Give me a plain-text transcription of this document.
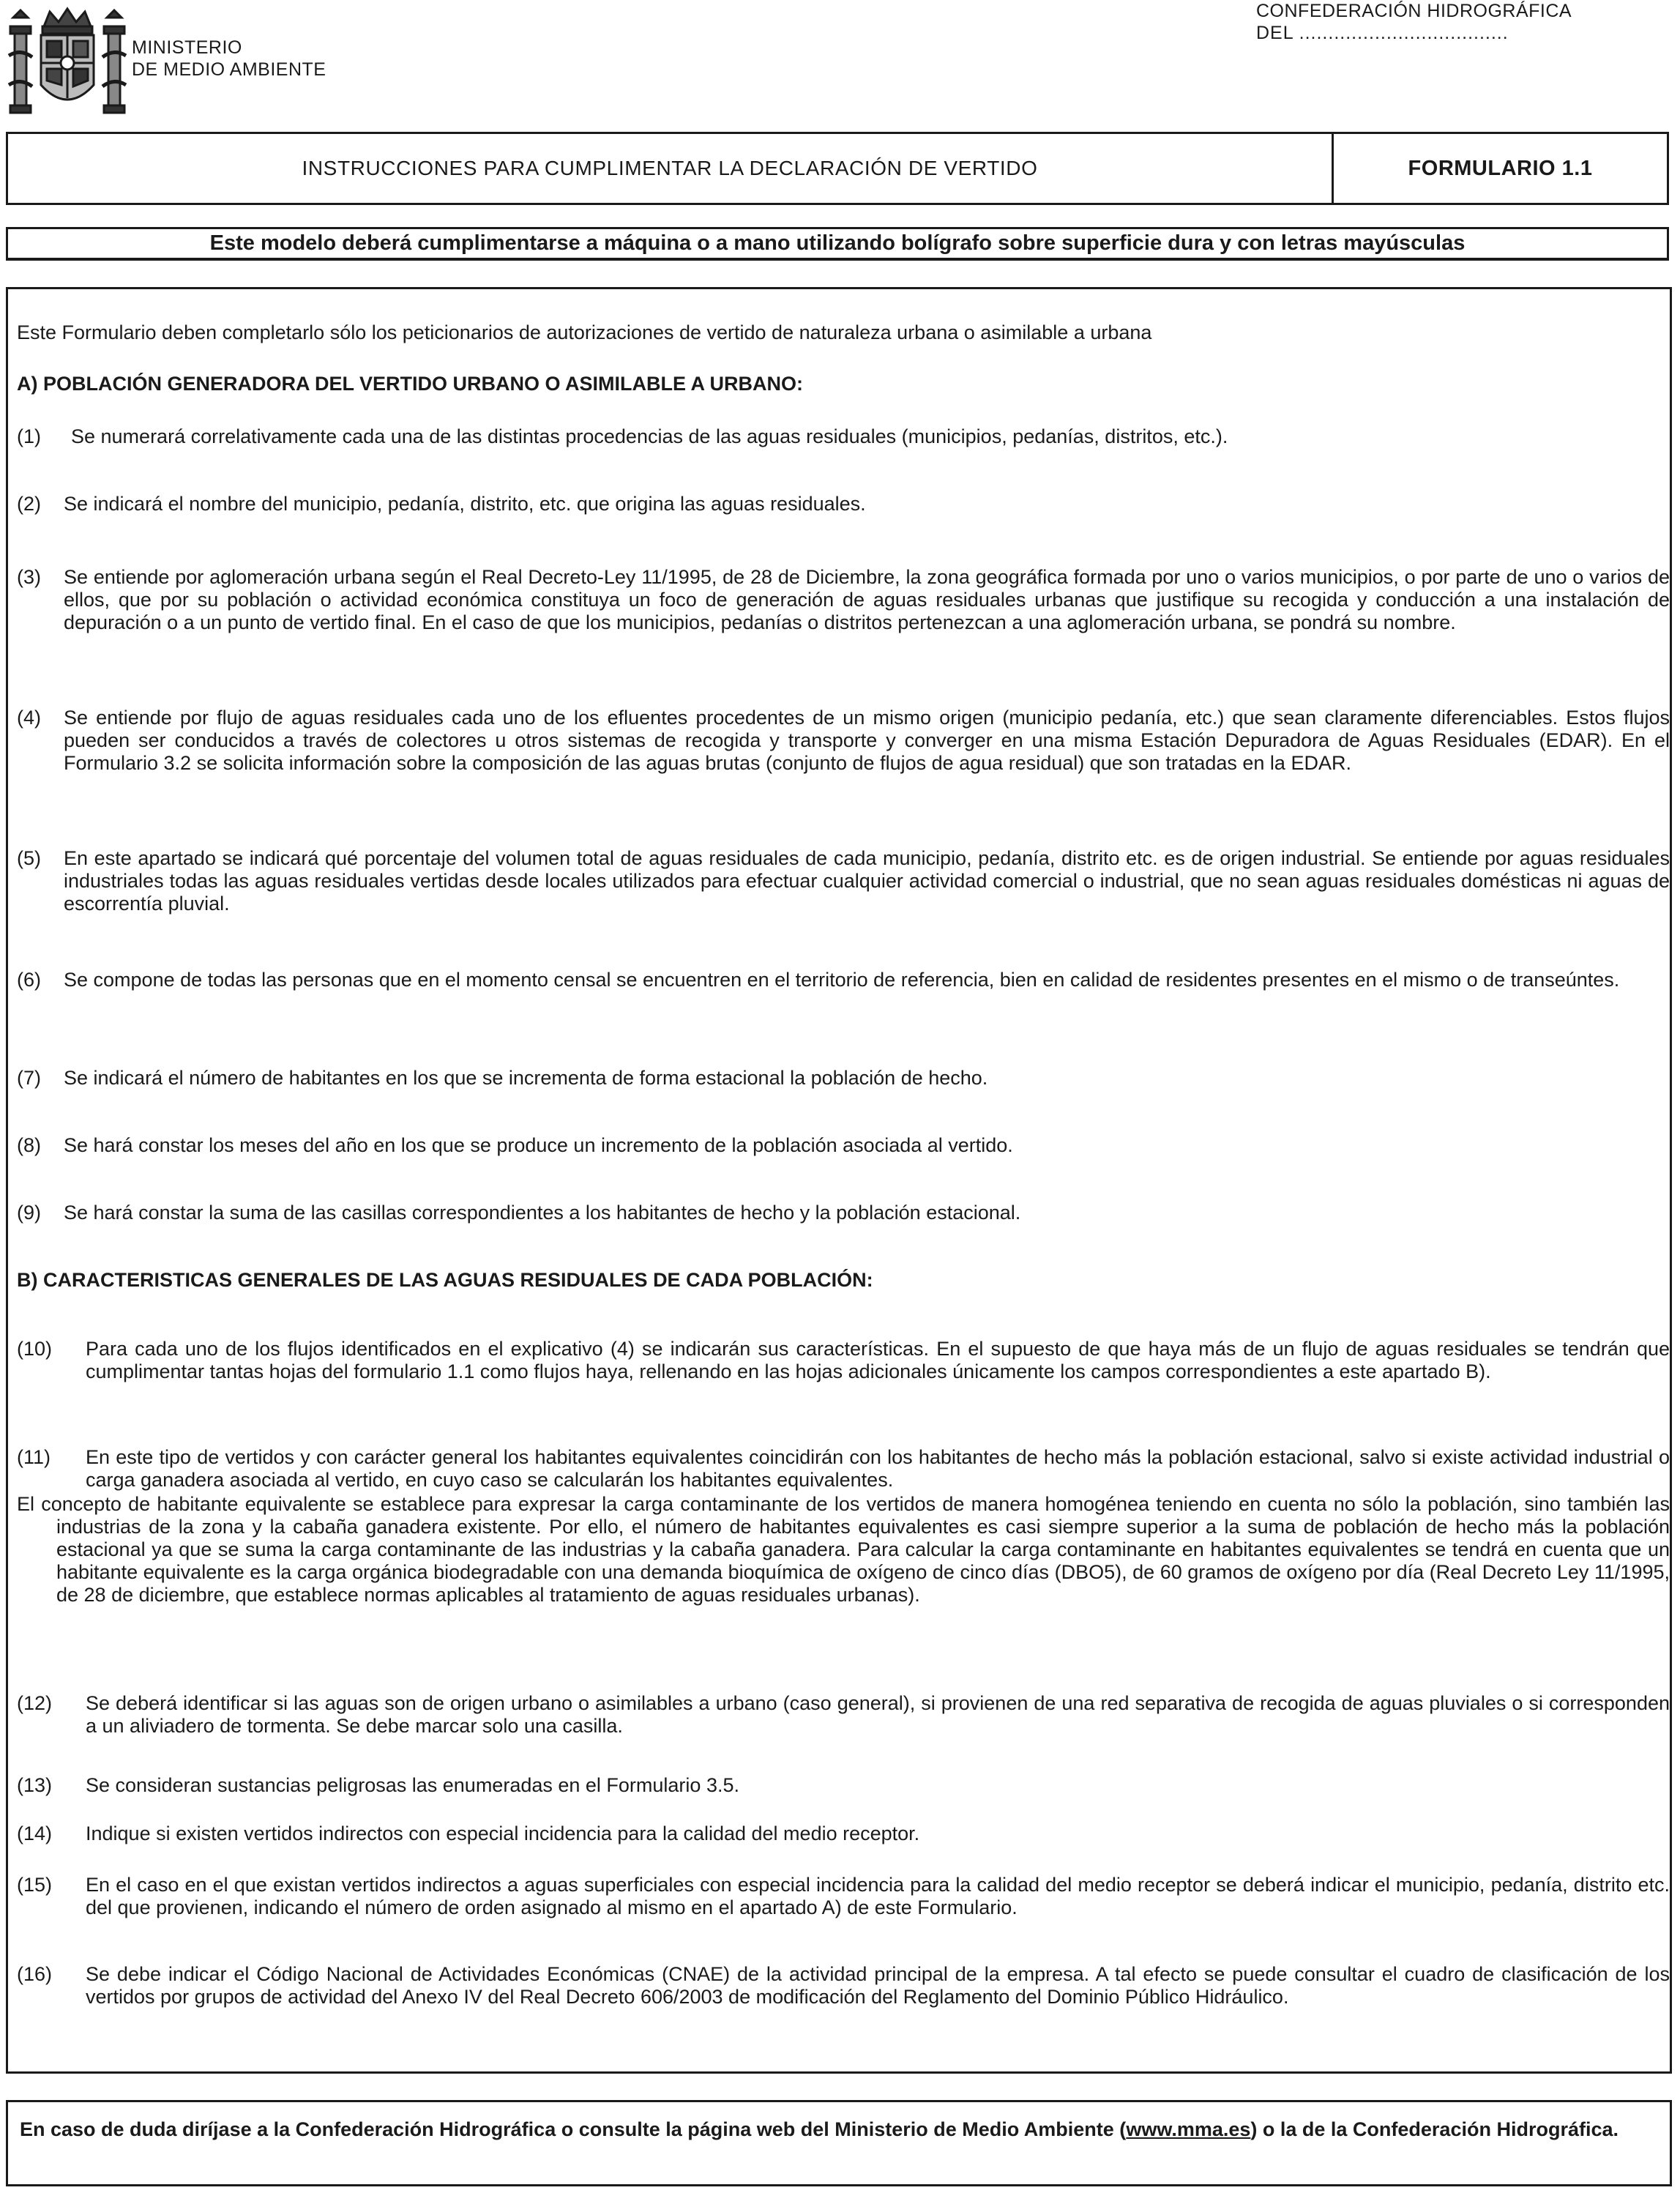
MINISTERIO
DE MEDIO AMBIENTE
CONFEDERACIÓN HIDROGRÁFICA
DEL ....................................
INSTRUCCIONES PARA CUMPLIMENTAR LA DECLARACIÓN DE VERTIDO	FORMULARIO 1.1
Este modelo deberá cumplimentarse a máquina o a mano utilizando bolígrafo sobre superficie dura y con letras mayúsculas
Este Formulario deben completarlo sólo los peticionarios de autorizaciones de vertido de naturaleza urbana o asimilable a urbana
A) POBLACIÓN GENERADORA DEL VERTIDO URBANO O ASIMILABLE A URBANO:
(1) Se numerará correlativamente cada una de las distintas procedencias de las aguas residuales (municipios, pedanías, distritos, etc.).
(2) Se indicará el nombre del municipio, pedanía, distrito, etc. que origina las aguas residuales.
(3) Se entiende por aglomeración urbana según el Real Decreto-Ley 11/1995, de 28 de Diciembre, la zona geográfica formada por uno o varios municipios, o por parte de uno o varios de ellos, que por su población o actividad económica constituya un foco de generación de aguas residuales urbanas que justifique su recogida y conducción a una instalación de depuración o a un punto de vertido final. En el caso de que los municipios, pedanías o distritos pertenezcan a una aglomeración urbana, se pondrá su nombre.
(4) Se entiende por flujo de aguas residuales cada uno de los efluentes procedentes de un mismo origen (municipio pedanía, etc.) que sean claramente diferenciables. Estos flujos pueden ser conducidos a través de colectores u otros sistemas de recogida y transporte y converger en una misma Estación Depuradora de Aguas Residuales (EDAR). En el Formulario 3.2 se solicita información sobre la composición de las aguas brutas (conjunto de flujos de agua residual) que son tratadas en la EDAR.
(5) En este apartado se indicará qué porcentaje del volumen total de aguas residuales de cada municipio, pedanía, distrito etc. es de origen industrial. Se entiende por aguas residuales industriales todas las aguas residuales vertidas desde locales utilizados para efectuar cualquier actividad comercial o industrial, que no sean aguas residuales domésticas ni aguas de escorrentía pluvial.
(6) Se compone de todas las personas que en el momento censal se encuentren en el territorio de referencia, bien en calidad de residentes presentes en el mismo o de transeúntes.
(7) Se indicará el número de habitantes en los que se incrementa de forma estacional la población de hecho.
(8) Se hará constar los meses del año en los que se produce un incremento de la población asociada al vertido.
(9) Se hará constar la suma de las casillas correspondientes a los habitantes de hecho y la población estacional.
B) CARACTERISTICAS GENERALES DE LAS AGUAS RESIDUALES DE CADA POBLACIÓN:
(10) Para cada uno de los flujos identificados en el explicativo (4) se indicarán sus características. En el supuesto de que haya más de un flujo de aguas residuales se tendrán que cumplimentar tantas hojas del formulario 1.1 como flujos haya, rellenando en las hojas adicionales únicamente los campos correspondientes a este apartado B).
(11) En este tipo de vertidos y con carácter general los habitantes equivalentes coincidirán con los habitantes de hecho más la población estacional, salvo si existe actividad industrial o carga ganadera asociada al vertido, en cuyo caso se calcularán los habitantes equivalentes.
El concepto de habitante equivalente se establece para expresar la carga contaminante de los vertidos de manera homogénea teniendo en cuenta no sólo la población, sino también las industrias de la zona y la cabaña ganadera existente. Por ello, el número de habitantes equivalentes es casi siempre superior a la suma de población de hecho más la población estacional ya que se suma la carga contaminante de las industrias y la cabaña ganadera. Para calcular la carga contaminante en habitantes equivalentes se tendrá en cuenta que un habitante equivalente es la carga orgánica biodegradable con una demanda bioquímica de oxígeno de cinco días (DBO5), de 60 gramos de oxígeno por día (Real Decreto Ley 11/1995, de 28 de diciembre, que establece normas aplicables al tratamiento de aguas residuales urbanas).
(12) Se deberá identificar si las aguas son de origen urbano o asimilables a urbano (caso general), si provienen de una red separativa de recogida de aguas pluviales o si corresponden a un aliviadero de tormenta. Se debe marcar solo una casilla.
(13) Se consideran sustancias peligrosas las enumeradas en el Formulario 3.5.
(14) Indique si existen vertidos indirectos con especial incidencia para la calidad del medio receptor.
(15) En el caso en el que existan vertidos indirectos a aguas superficiales con especial incidencia para la calidad del medio receptor se deberá indicar el municipio, pedanía, distrito etc. del que provienen, indicando el número de orden asignado al mismo en el apartado A) de este Formulario.
(16) Se debe indicar el Código Nacional de Actividades Económicas (CNAE) de la actividad principal de la empresa. A tal efecto se puede consultar el cuadro de clasificación de los vertidos por grupos de actividad del Anexo IV del Real Decreto 606/2003 de modificación del Reglamento del Dominio Público Hidráulico.
En caso de duda diríjase a la Confederación Hidrográfica o consulte la página web del Ministerio de Medio Ambiente (www.mma.es) o la de la Confederación Hidrográfica.
